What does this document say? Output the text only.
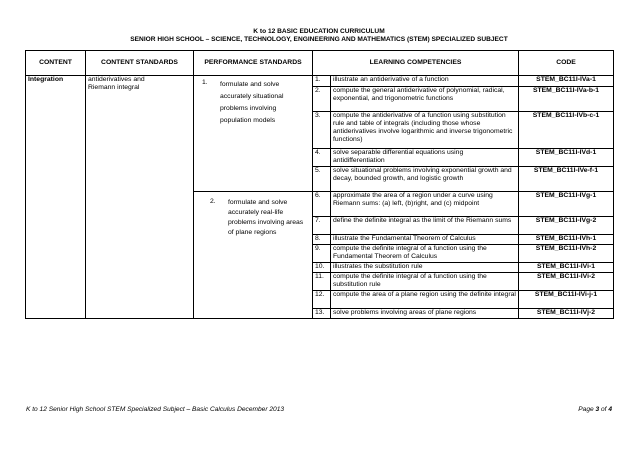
K to 12 BASIC EDUCATION CURRICULUM
SENIOR HIGH SCHOOL – SCIENCE, TECHNOLOGY, ENGINEERING AND MATHEMATICS (STEM) SPECIALIZED SUBJECT
CONTENT	CONTENT STANDARDS	PERFORMANCE STANDARDS	LEARNING COMPETENCIES		CODE
Integration	antiderivatives and Riemann integral	1. formulate and solve accurately situational problems involving population models	1.	illustrate an antiderivative of a function	STEM_BC11I-IVa-1
			2.	compute the general antiderivative of polynomial, radical, exponential, and trigonometric functions	STEM_BC11I-IVa-b-1
			3.	compute the antiderivative of a function using substitution rule and table of integrals (including those whose antiderivatives involve logarithmic and inverse trigonometric functions)	STEM_BC11I-IVb-c-1
			4.	solve separable differential equations using antidifferentiation	STEM_BC11I-IVd-1
			5.	solve situational problems involving exponential growth and decay, bounded growth, and logistic growth	STEM_BC11I-IVe-f-1

		2. formulate and solve accurately real-life problems involving areas of plane regions	6.	approximate the area of a region under a curve using Riemann sums: (a) left, (b)right, and (c) midpoint	STEM_BC11I-IVg-1
			7.	define the definite integral as the limit of the Riemann sums	STEM_BC11I-IVg-2
			8.	illustrate the Fundamental Theorem of Calculus	STEM_BC11I-IVh-1
			9.	compute the definite integral of a function using the Fundamental Theorem of Calculus	STEM_BC11I-IVh-2
			10.	illustrates the substitution rule	STEM_BC11I-IVi-1
			11.	compute the definite integral of a function using the substitution rule	STEM_BC11I-IVi-2
			12.	compute the area of a plane region using the definite integral	STEM_BC11I-IVi-j-1
			13.	solve problems involving areas of plane regions	STEM_BC11I-IVj-2
K to 12 Senior High School STEM Specialized Subject – Basic Calculus December 2013	Page 3 of 4
